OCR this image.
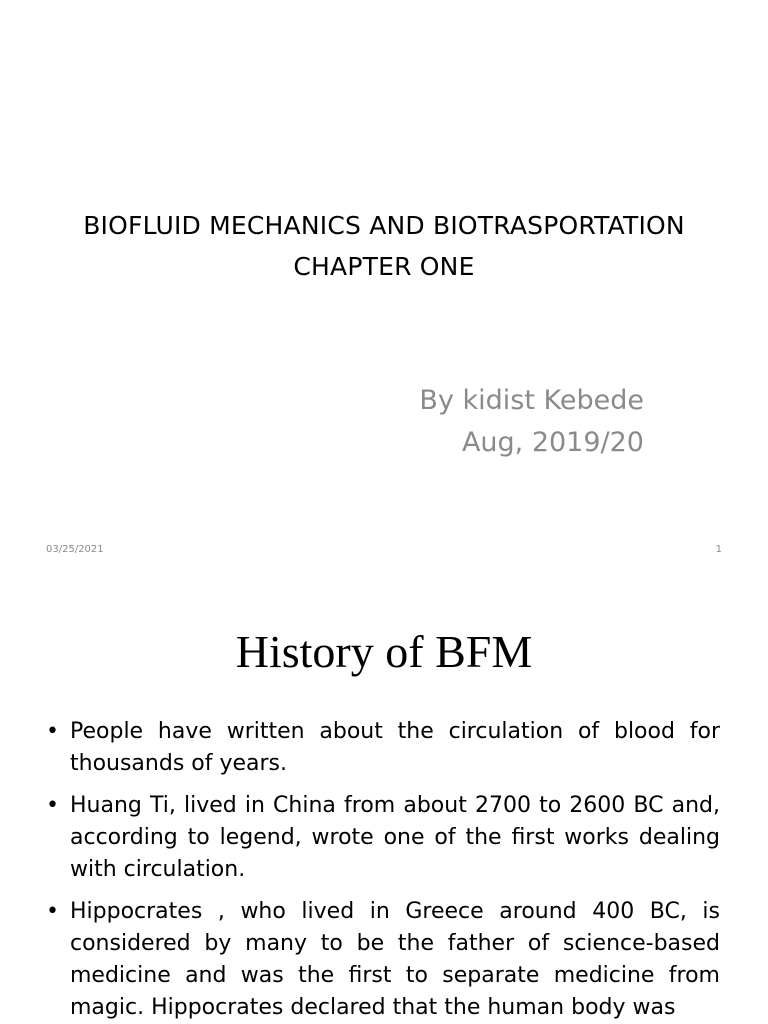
BIOFLUID MECHANICS AND BIOTRASPORTATION
CHAPTER ONE
By kidist Kebede
Aug, 2019/20
03/25/2021	1
History of BFM
• People have written about the circulation of blood for thousands of years.
• Huang Ti, lived in China from about 2700 to 2600 BC and, according to legend, wrote one of the first works dealing with circulation.
• Hippocrates , who lived in Greece around 400 BC, is considered by many to be the father of science-based medicine and was the first to separate medicine from magic. Hippocrates declared that the human body was
